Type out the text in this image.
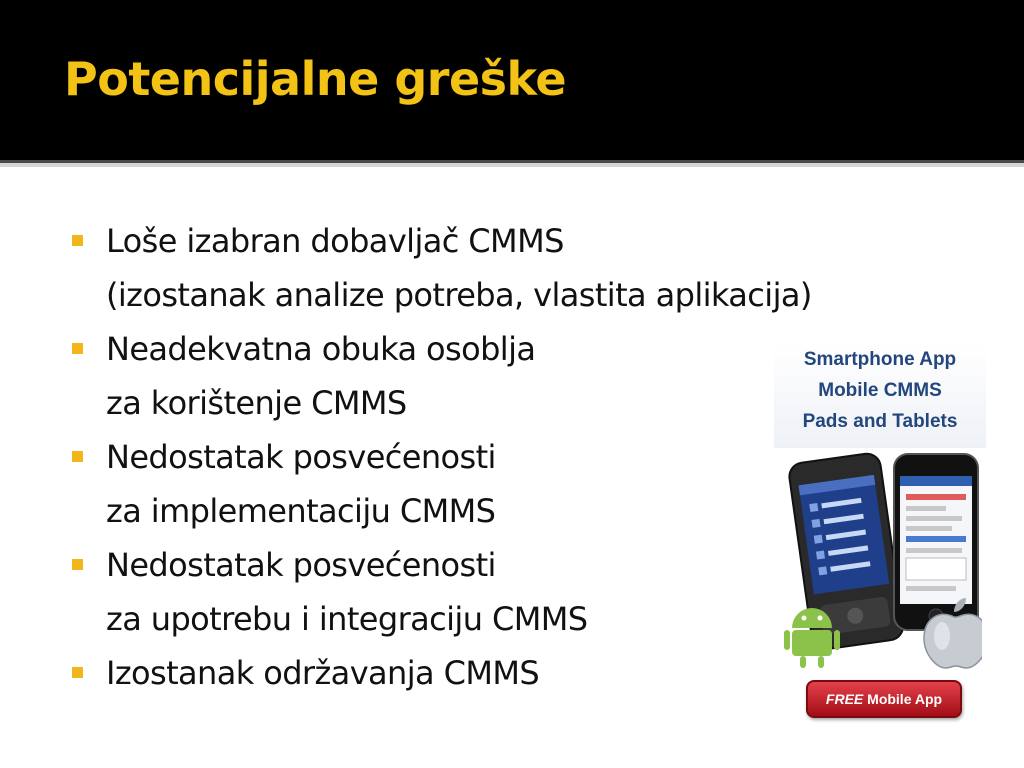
Potencijalne greške
Loše izabran dobavljač CMMS
(izostanak analize potreba, vlastita aplikacija)
Neadekvatna obuka osoblja
za korištenje CMMS
Nedostatak posvećenosti
za implementaciju CMMS
Nedostatak posvećenosti
za upotrebu i integraciju CMMS
Izostanak održavanja CMMS
Smartphone App
Mobile CMMS
Pads and Tablets
FREE Mobile App
